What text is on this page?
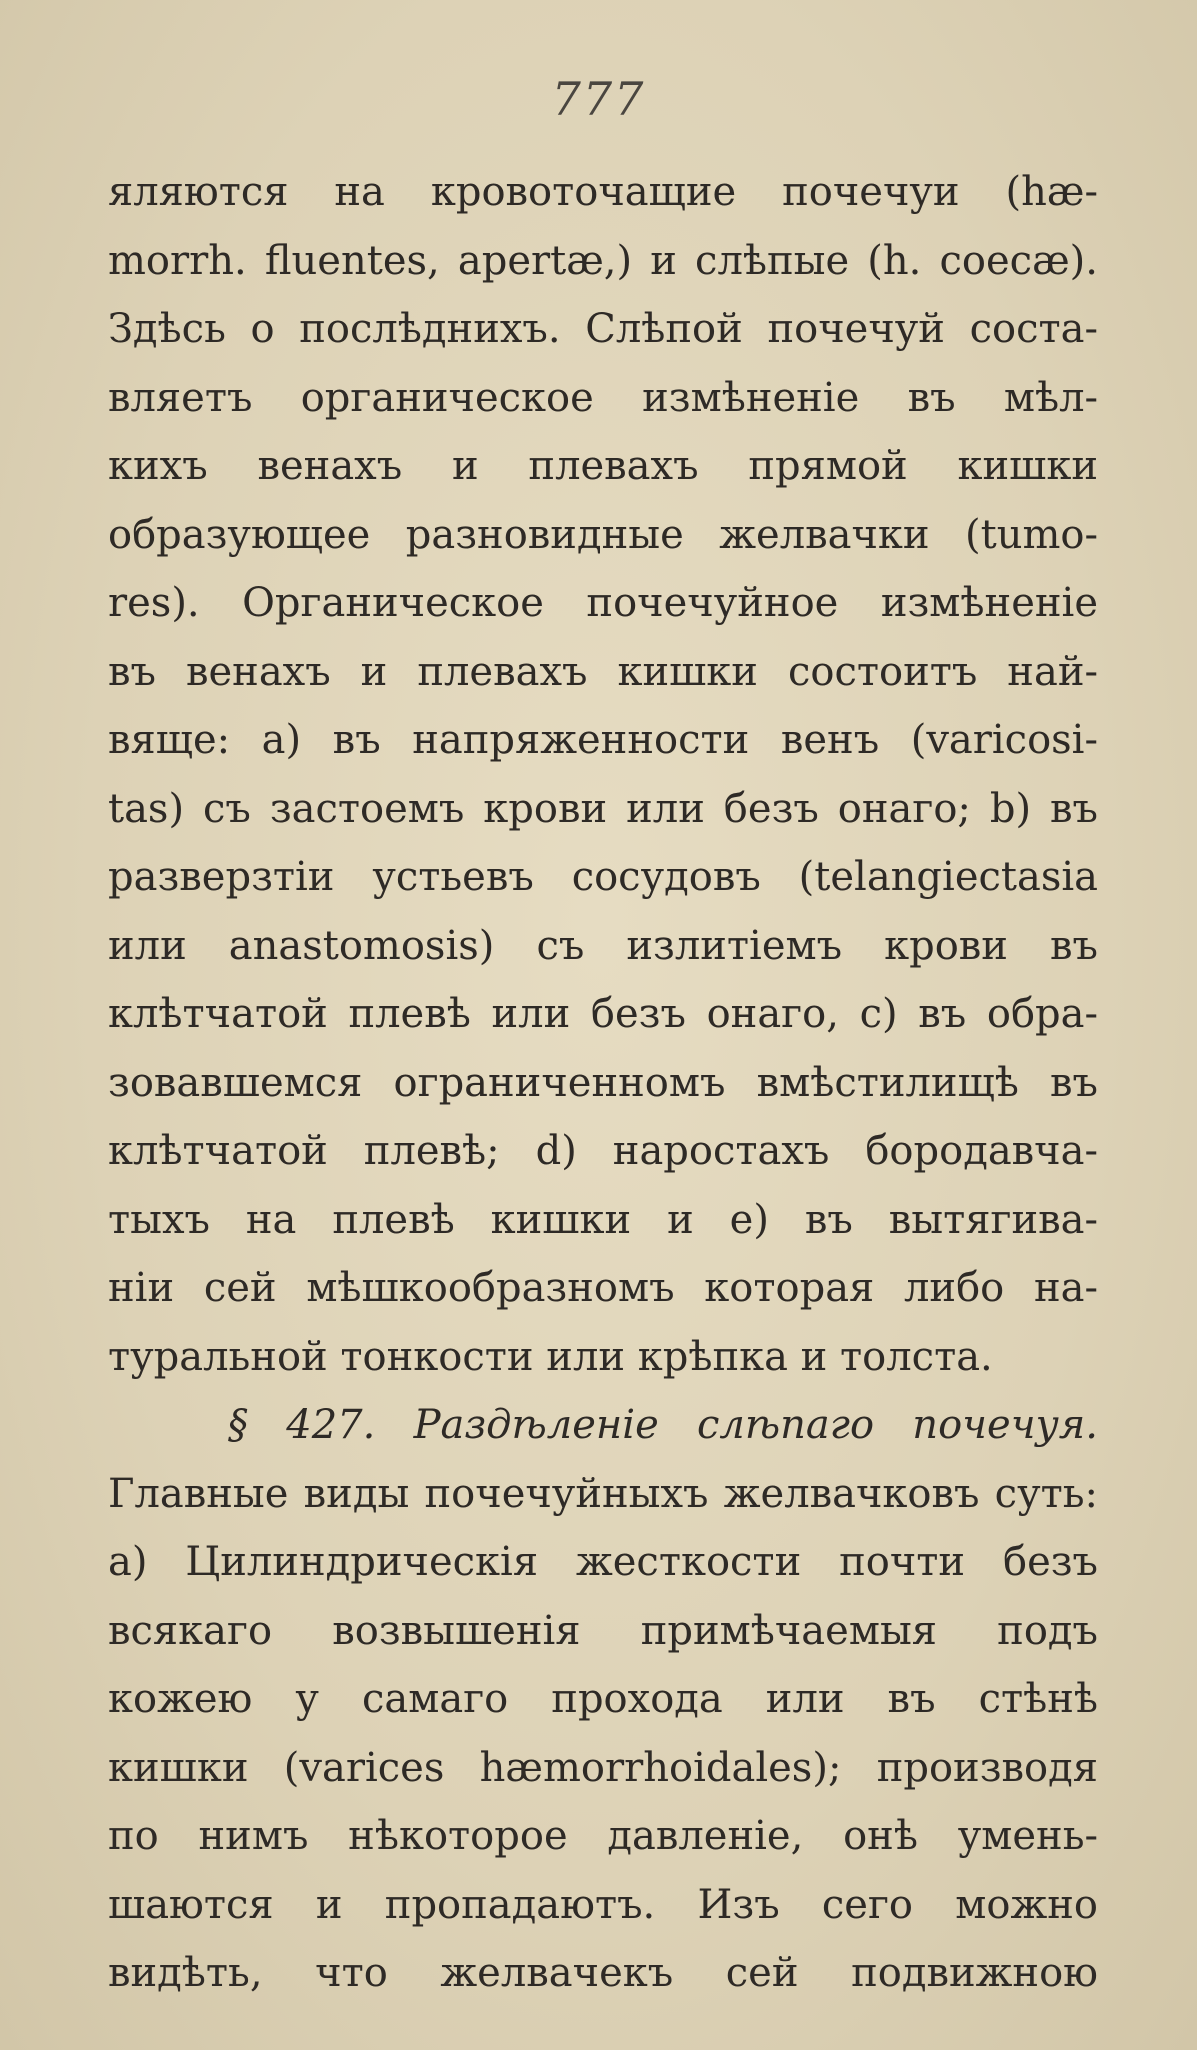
777
яляются на кровоточащие почечуи (hæ-
morrh. fluentes, apertæ,) и слѣпые (h. coecæ).
Здѣсь о послѣднихъ. Слѣпой почечуй соста-
вляетъ органическое измѣненіе въ мѣл-
кихъ венахъ и плевахъ прямой кишки
образующее разновидные желвачки (tumo-
res). Органическое почечуйное измѣненіе
въ венахъ и плевахъ кишки состоитъ най-
вяще: a) въ напряженности венъ (varicosi-
tas) съ застоемъ крови или безъ онаго; b) въ
разверзтіи устьевъ сосудовъ (telangiectasia
или anastomosis) съ излитіемъ крови въ
клѣтчатой плевѣ или безъ онаго, c) въ обра-
зовавшемся ограниченномъ вмѣстилищѣ въ
клѣтчатой плевѣ; d) наростахъ бородавча-
тыхъ на плевѣ кишки и e) въ вытягива-
ніи сей мѣшкообразномъ которая либо на-
туральной тонкости или крѣпка и толста.
§ 427. Раздѣленіе слѣпаго почечуя.
Главные виды почечуйныхъ желвачковъ суть:
a) Цилиндрическія жесткости почти безъ
всякаго возвышенія примѣчаемыя подъ
кожею у самаго прохода или въ стѣнѣ
кишки (varices hæmorrhoidales); производя
по нимъ нѣкоторое давленіе, онѣ умень-
шаются и пропадаютъ. Изъ сего можно
видѣть, что желвачекъ сей подвижною
